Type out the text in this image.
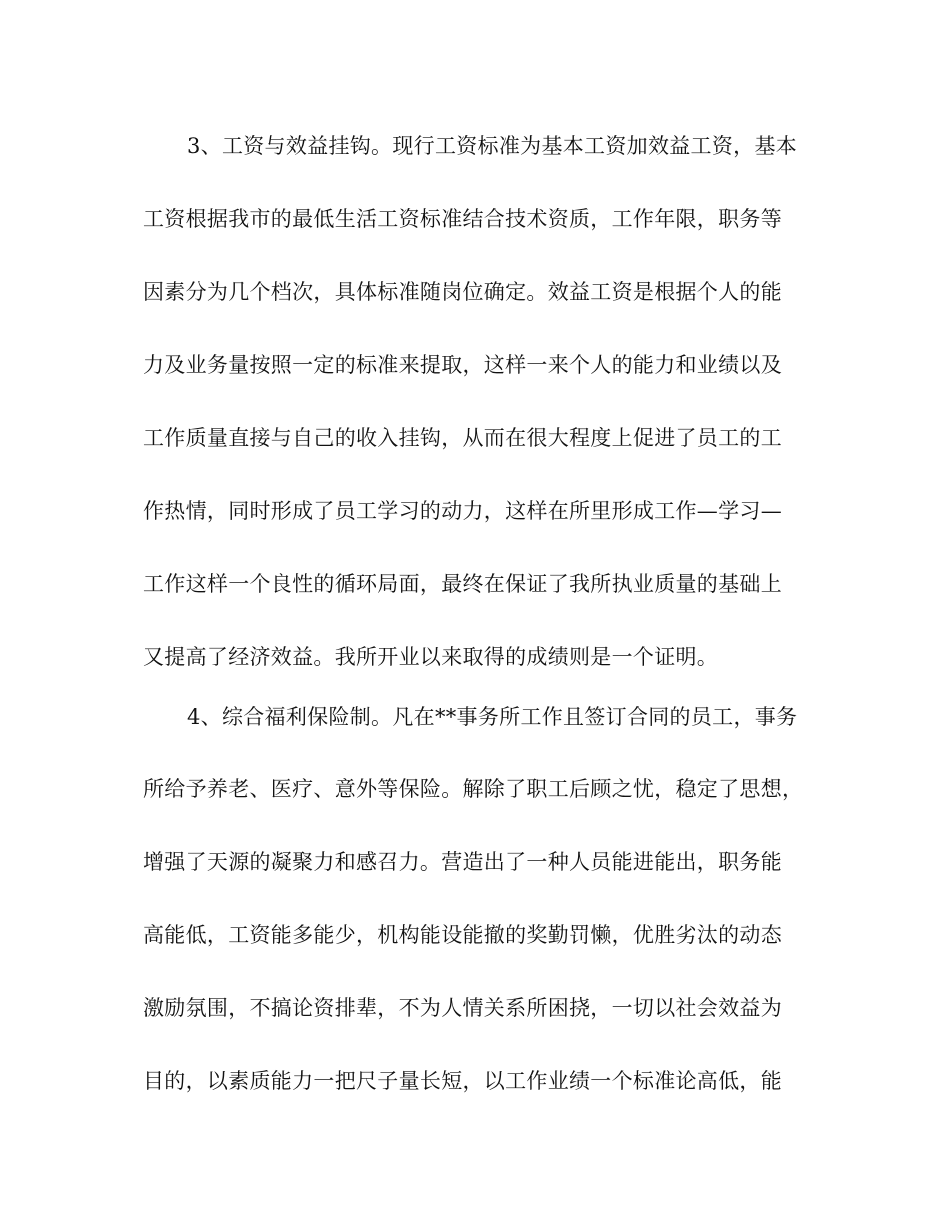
3、工资与效益挂钩。现行工资标准为基本工资加效益工资，基本
工资根据我市的最低生活工资标准结合技术资质，工作年限，职务等
因素分为几个档次，具体标准随岗位确定。效益工资是根据个人的能
力及业务量按照一定的标准来提取，这样一来个人的能力和业绩以及
工作质量直接与自己的收入挂钩，从而在很大程度上促进了员工的工
作热情，同时形成了员工学习的动力，这样在所里形成工作—学习—
工作这样一个良性的循环局面，最终在保证了我所执业质量的基础上
又提高了经济效益。我所开业以来取得的成绩则是一个证明。
4、综合福利保险制。凡在**事务所工作且签订合同的员工，事务
所给予养老、医疗、意外等保险。解除了职工后顾之忧，稳定了思想，
增强了天源的凝聚力和感召力。营造出了一种人员能进能出，职务能
高能低，工资能多能少，机构能设能撤的奖勤罚懒，优胜劣汰的动态
激励氛围，不搞论资排辈，不为人情关系所困挠，一切以社会效益为
目的，以素质能力一把尺子量长短，以工作业绩一个标准论高低，能
